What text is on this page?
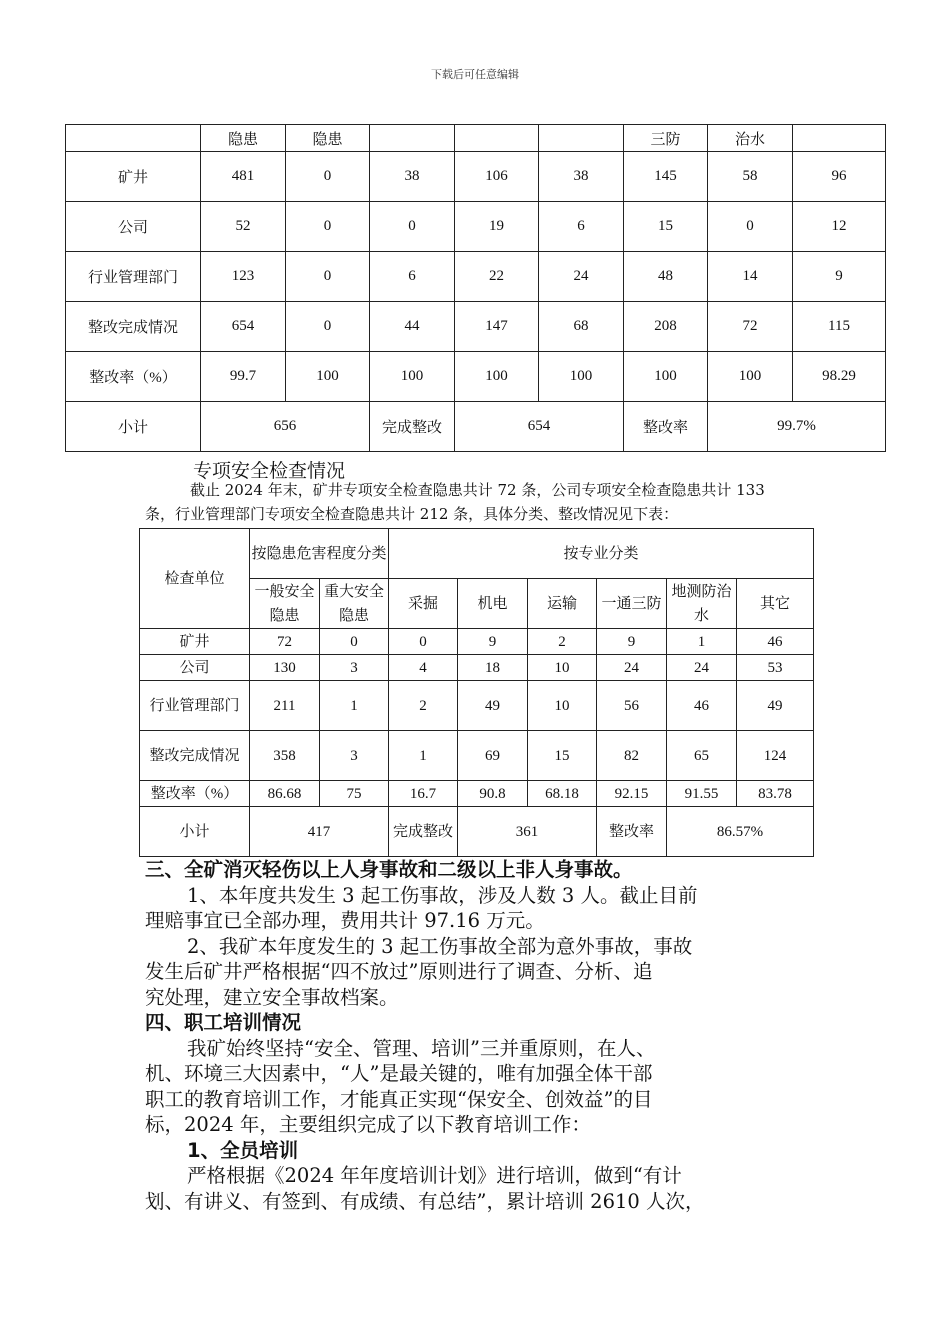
下载后可任意编辑
	隐患	隐患				三防	治水	
矿井	481	0	38	106	38	145	58	96
公司	52	0	0	19	6	15	0	12
行业管理部门	123	0	6	22	24	48	14	9
整改完成情况	654	0	44	147	68	208	72	115
整改率（%）	99.7	100	100	100	100	100	100	98.29
小计	656		完成整改	654		整改率	99.7%	
专项安全检查情况
截止 2024 年末，矿井专项安全检查隐患共计 72 条，公司专项安全检查隐患共计 133
条，行业管理部门专项安全检查隐患共计 212 条，具体分类、整改情况见下表：
检查单位	按隐患危害程度分类		按专业分类					
	一般安全隐患	重大安全隐患	采掘	机电	运输	一通三防	地测防治水	其它
矿井	72	0	0	9	2	9	1	46
公司	130	3	4	18	10	24	24	53
行业管理部门	211	1	2	49	10	56	46	49
整改完成情况	358	3	1	69	15	82	65	124
整改率（%）	86.68	75	16.7	90.8	68.18	92.15	91.55	83.78
小计	417		完成整改	361		整改率	86.57%	
三、全矿消灭轻伤以上人身事故和二级以上非人身事故。
1、本年度共发生 3 起工伤事故，涉及人数 3 人。截止目前
理赔事宜已全部办理，费用共计 97.16 万元。
2、我矿本年度发生的 3 起工伤事故全部为意外事故，事故
发生后矿井严格根据“四不放过”原则进行了调查、分析、追
究处理，建立安全事故档案。
四、职工培训情况
我矿始终坚持“安全、管理、培训”三并重原则，在人、
机、环境三大因素中，“人”是最关键的，唯有加强全体干部
职工的教育培训工作，才能真正实现“保安全、创效益”的目
标，2024 年，主要组织完成了以下教育培训工作：
1、全员培训
严格根据《2024 年年度培训计划》进行培训，做到“有计
划、有讲义、有签到、有成绩、有总结”，累计培训 2610 人次，
